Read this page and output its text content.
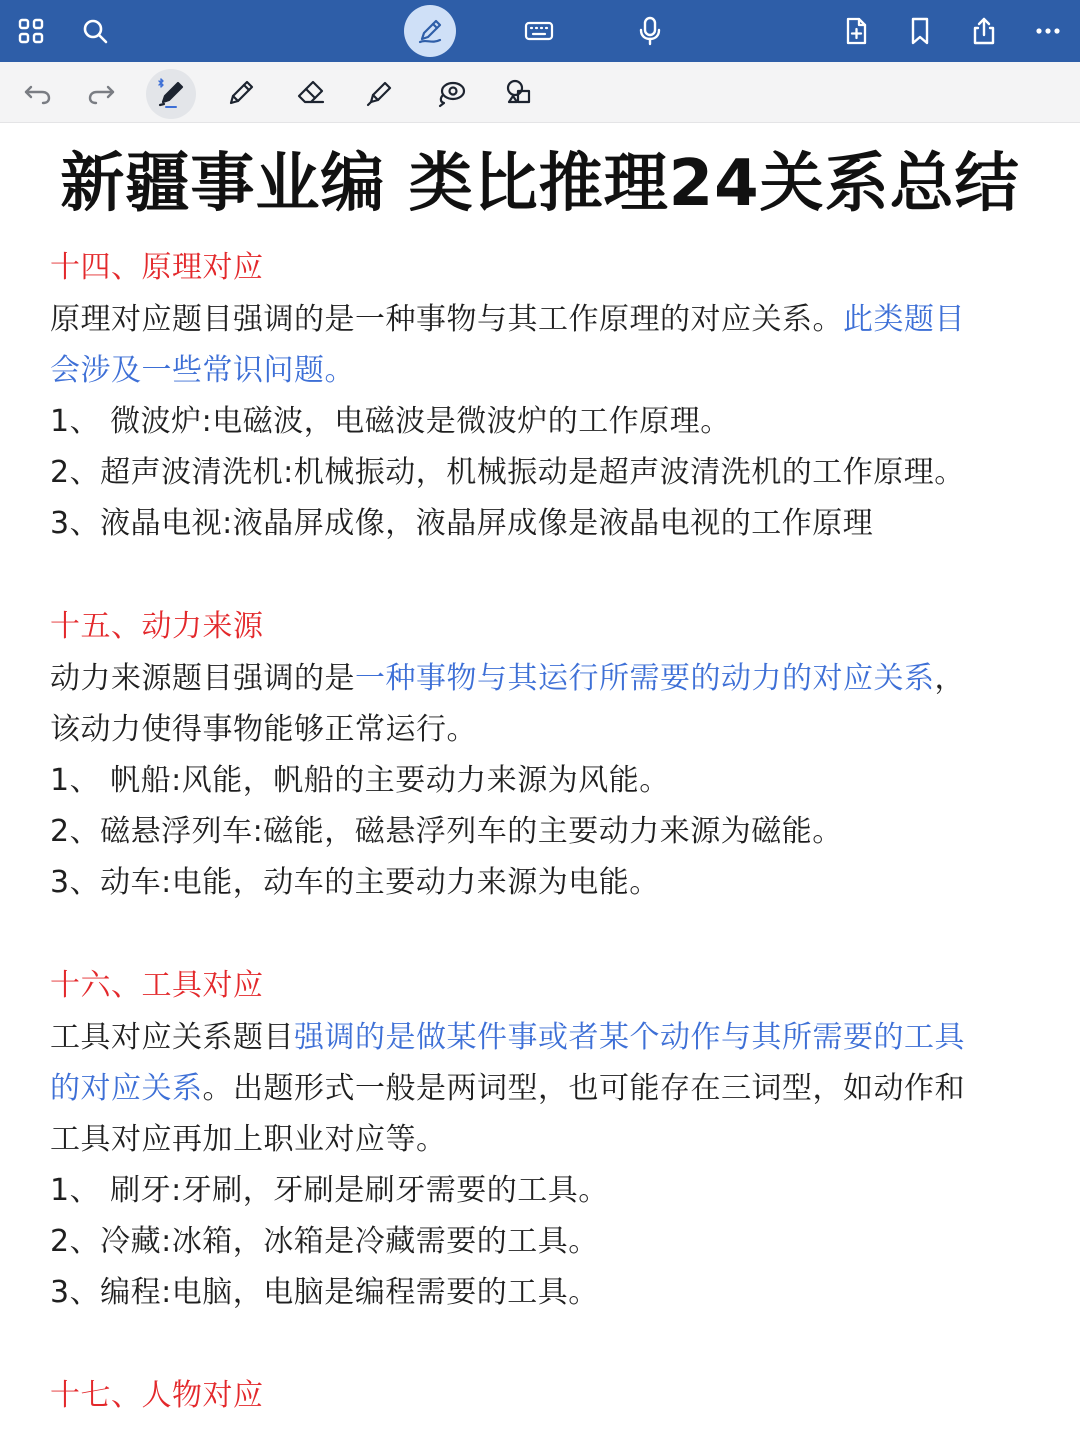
新疆事业编 类比推理24关系总结
十四、原理对应
原理对应题目强调的是一种事物与其工作原理的对应关系。此类题目
会涉及一些常识问题。
1、 微波炉:电磁波，电磁波是微波炉的工作原理。
2、超声波清洗机:机械振动，机械振动是超声波清洗机的工作原理。
3、液晶电视:液晶屏成像，液晶屏成像是液晶电视的工作原理
十五、动力来源
动力来源题目强调的是一种事物与其运行所需要的动力的对应关系，
该动力使得事物能够正常运行。
1、 帆船:风能，帆船的主要动力来源为风能。
2、磁悬浮列车:磁能，磁悬浮列车的主要动力来源为磁能。
3、动车:电能，动车的主要动力来源为电能。
十六、工具对应
工具对应关系题目强调的是做某件事或者某个动作与其所需要的工具
的对应关系。出题形式一般是两词型，也可能存在三词型，如动作和
工具对应再加上职业对应等。
1、 刷牙:牙刷，牙刷是刷牙需要的工具。
2、冷藏:冰箱，冰箱是冷藏需要的工具。
3、编程:电脑，电脑是编程需要的工具。
十七、人物对应
